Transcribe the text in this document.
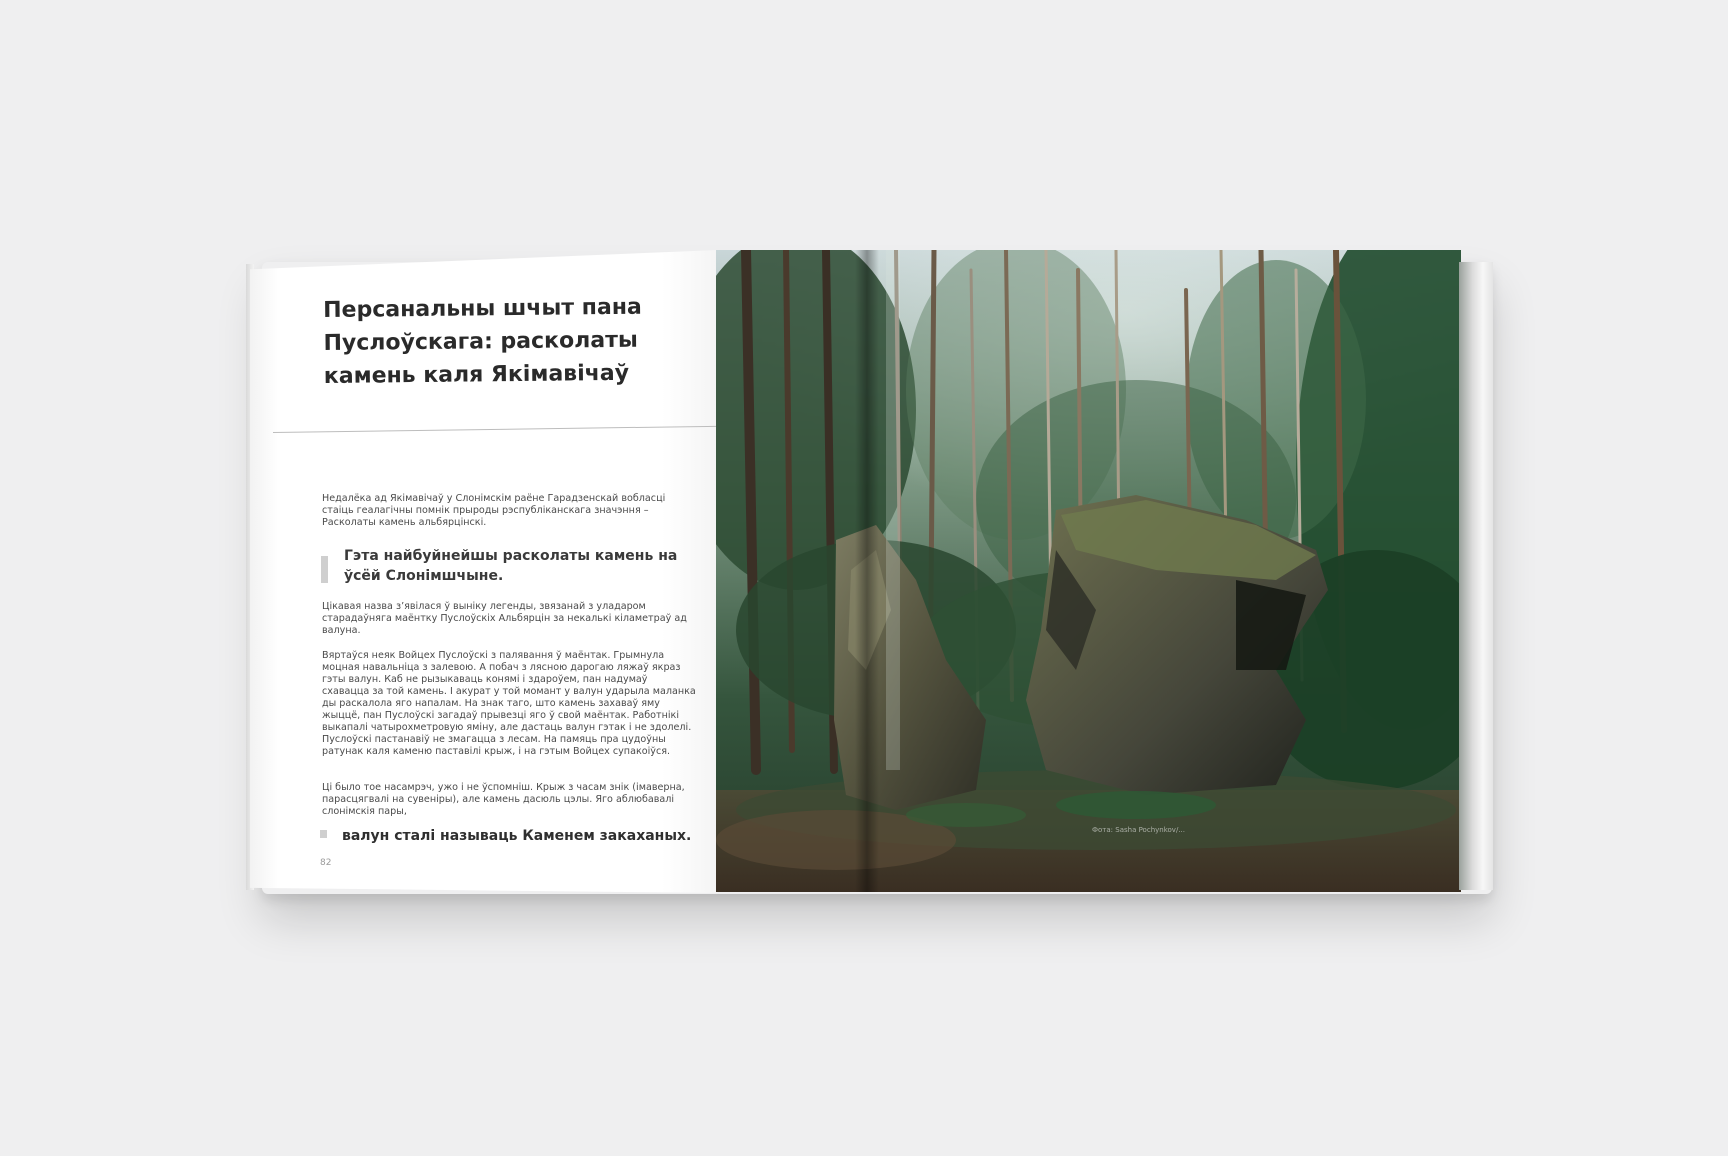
Персанальны шчыт пана Пуслоўскага: расколаты камень каля Якімавічаў

Недалёка ад Якімавічаў у Слонімскім раёне Гарадзенскай вобласці стаіць геалагічны помнік прыроды рэспубліканскага значэння – Расколаты камень альбярцінскі.

Гэта найбуйнейшы расколаты камень на ўсёй Слонімшчыне.

Цікавая назва з’явілася ў выніку легенды, звязанай з уладаром старадаўняга маёнтку Пуслоўскіх Альбярцін за некалькі кіламетраў ад валуна.

Вяртаўся неяк Войцех Пуслоўскі з палявання ў маёнтак. Грымнула моцная навальніца з залевою. А побач з лясною дарогаю ляжаў якраз гэты валун. Каб не рызыкаваць конямі і здароўем, пан надумаў схавацца за той камень. І акурат у той момант у валун ударыла маланка ды раскалола яго напалам. На знак таго, што камень захаваў яму жыццё, пан Пуслоўскі загадаў прывезці яго ў свой маёнтак. Работнікі выкапалі чатырохметровую яміну, але дастаць валун гэтак і не здолелі. Пуслоўскі пастанавіў не змагацца з лесам. На памяць пра цудоўны ратунак каля каменю паставілі крыж, і на гэтым Войцех супакоіўся.

Ці было тое насамрэч, ужо і не ўспомніш. Крыж з часам знік (імаверна, парасцягвалі на сувеніры), але камень дасюль цэлы. Яго аблюбавалі слонімскія пары,

валун сталі называць Каменем закаханых.

82
Фота: Sasha Pochynkov/...
